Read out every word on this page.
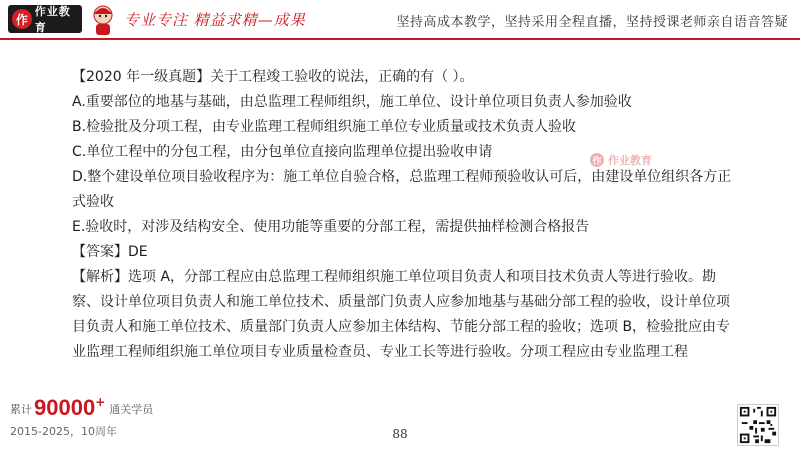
作
作业教育	专业专注 精益求精—成果	坚持高成本教学，坚持采用全程直播，坚持授课老师亲自语音答疑

【2020 年一级真题】关于工程竣工验收的说法，正确的有（ ）。

A.重要部位的地基与基础，由总监理工程师组织，施工单位、设计单位项目负责人参加验收

B.检验批及分项工程，由专业监理工程师组织施工单位专业质量或技术负责人验收

C.单位工程中的分包工程，由分包单位直接向监理单位提出验收申请

D.整个建设单位项目验收程序为：施工单位自验合格，总监理工程师预验收认可后，由建设单位组织各方正式验收

E.验收时，对涉及结构安全、使用功能等重要的分部工程，需提供抽样检测合格报告

【答案】DE

【解析】选项 A，分部工程应由总监理工程师组织施工单位项目负责人和项目技术负责人等进行验收。勘察、设计单位项目负责人和施工单位技术、质量部门负责人应参加地基与基础分部工程的验收，设计单位项目负责人和施工单位技术、质量部门负责人应参加主体结构、节能分部工程的验收；选项 B，检验批应由专业监理工程师组织施工单位项目专业质量检查员、专业工长等进行验收。分项工程应由专业监理工程

作 作业教育
累计 90000 +
通关学员
2015-2025，10周年	88
